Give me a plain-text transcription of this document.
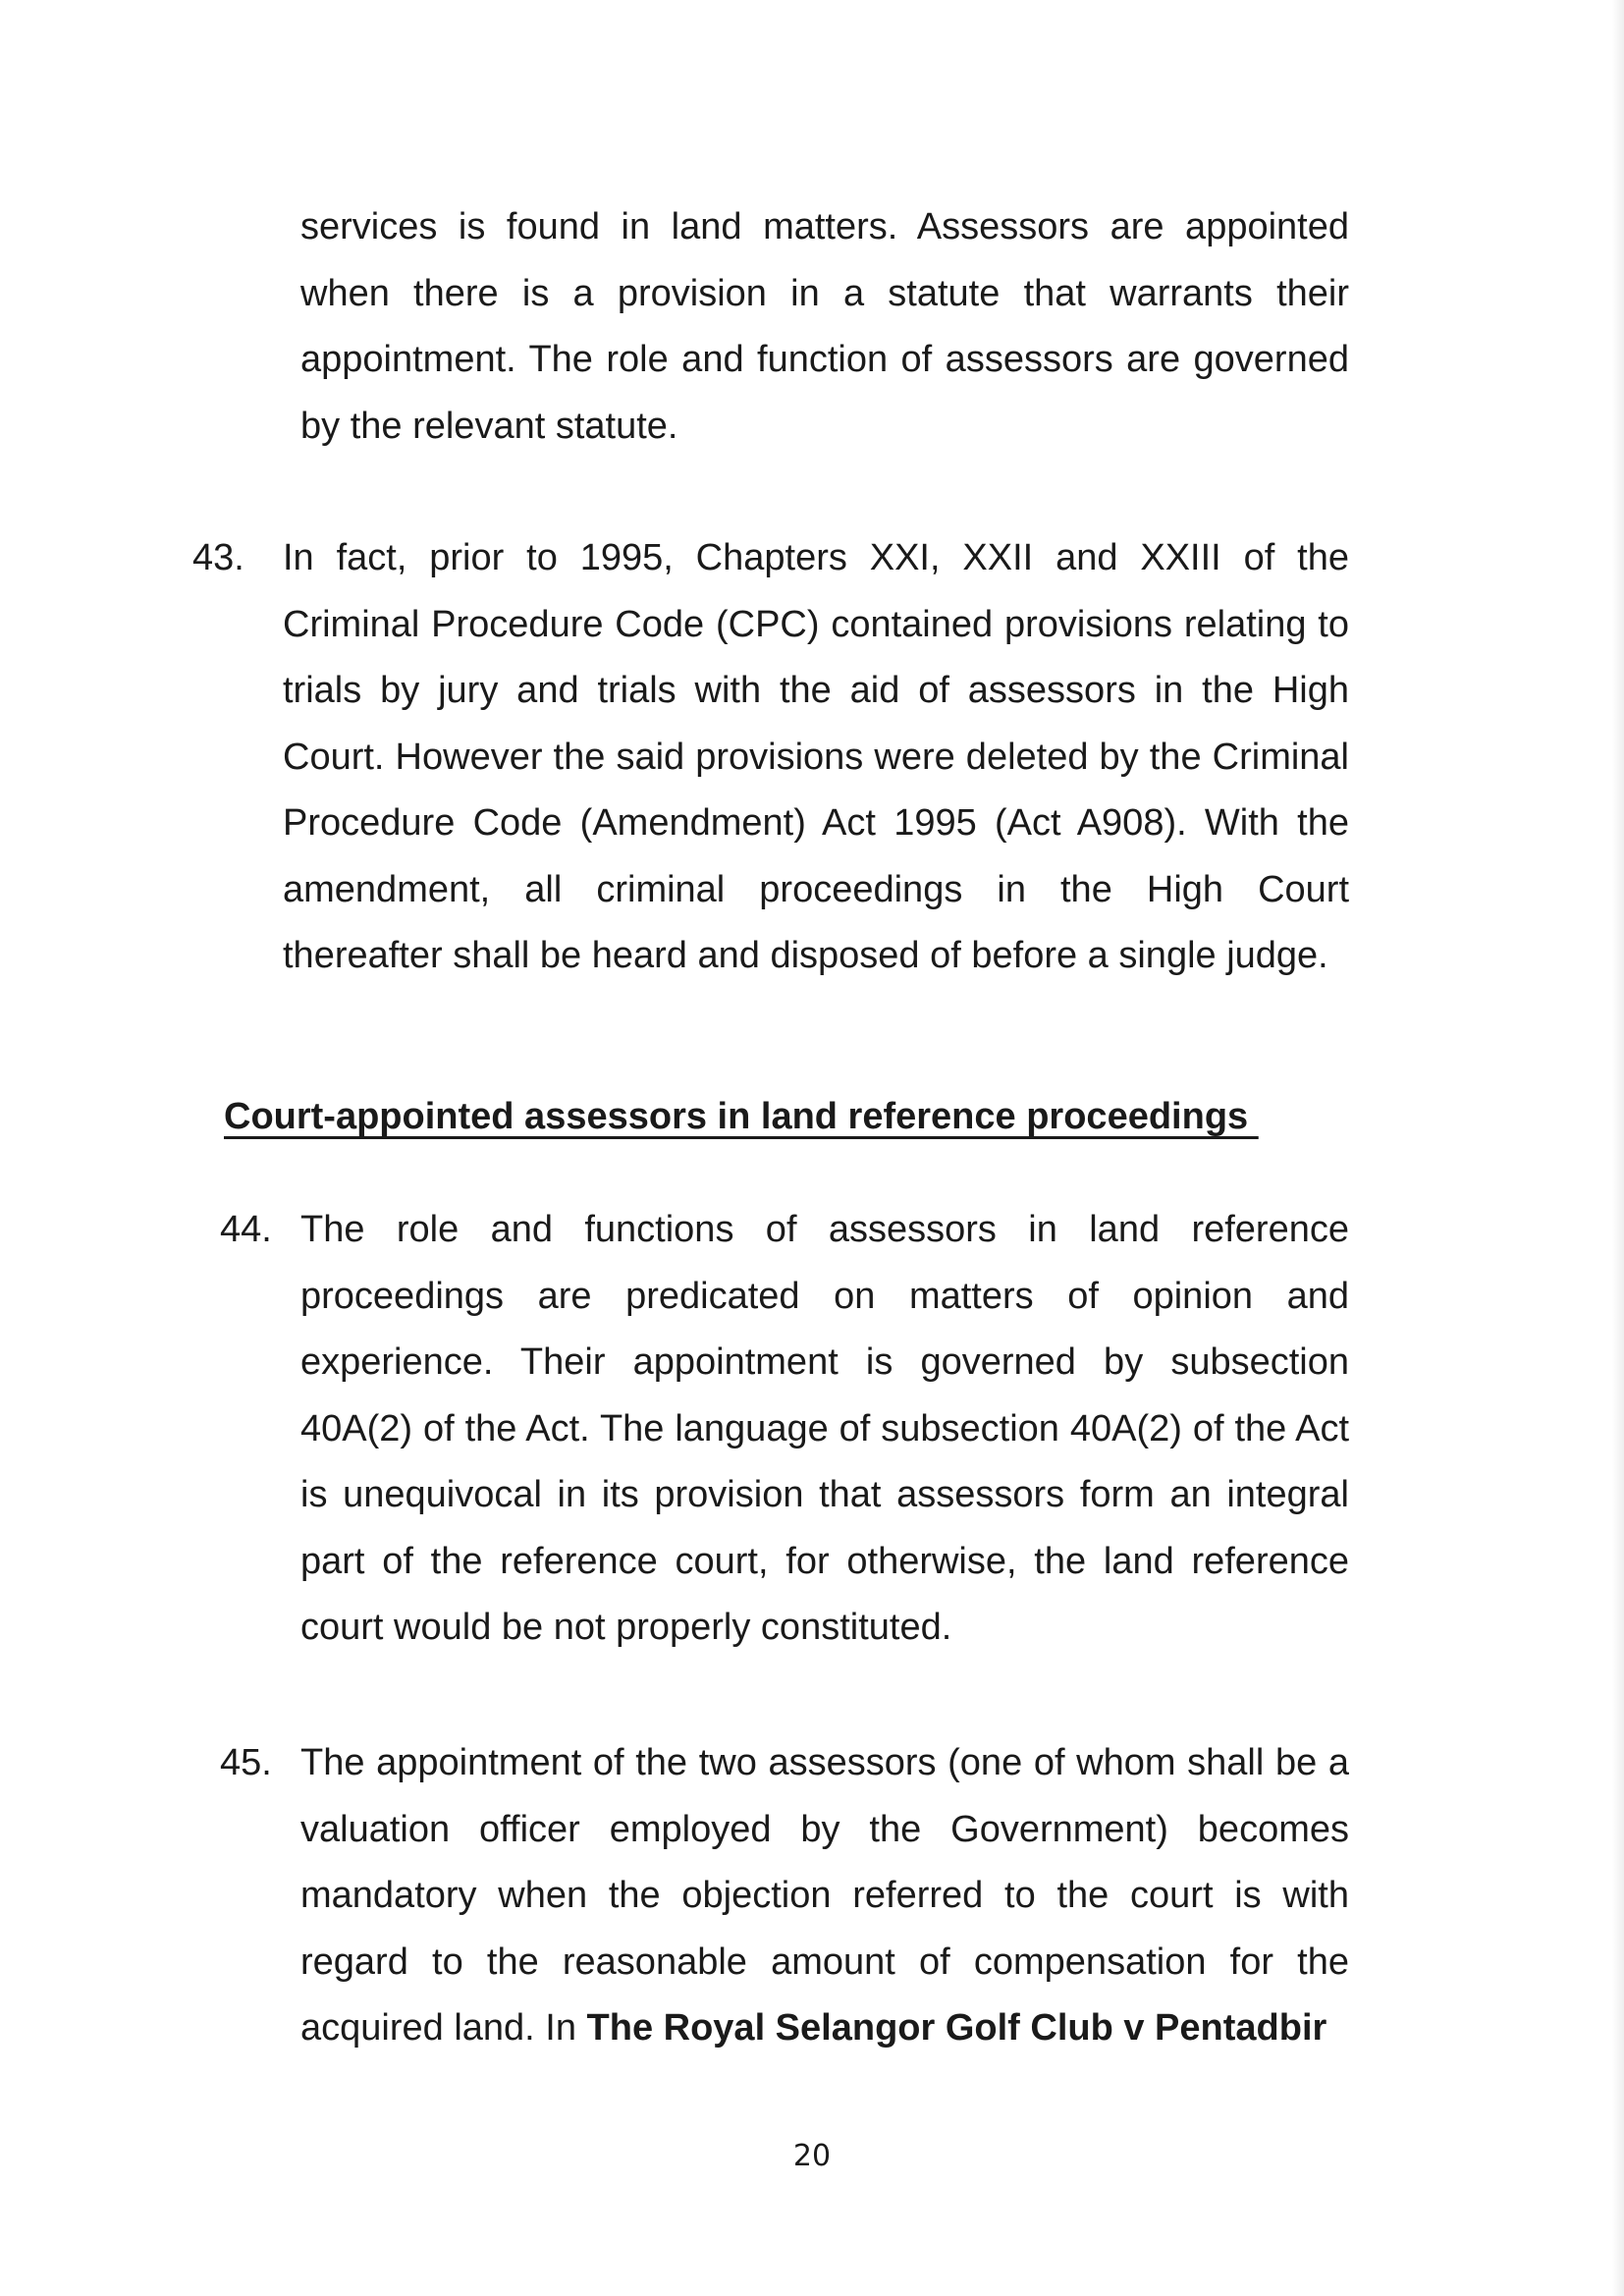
services is found in land matters. Assessors are appointed when there is a provision in a statute that warrants their appointment. The role and function of assessors are governed by the relevant statute.
43. In fact, prior to 1995, Chapters XXI, XXII and XXIII of the Criminal Procedure Code (CPC) contained provisions relating to trials by jury and trials with the aid of assessors in the High Court. However the said provisions were deleted by the Criminal Procedure Code (Amendment) Act 1995 (Act A908). With the amendment, all criminal proceedings in the High Court thereafter shall be heard and disposed of before a single judge.
Court-appointed assessors in land reference proceedings
44. The role and functions of assessors in land reference proceedings are predicated on matters of opinion and experience. Their appointment is governed by subsection 40A(2) of the Act. The language of subsection 40A(2) of the Act is unequivocal in its provision that assessors form an integral part of the reference court, for otherwise, the land reference court would be not properly constituted.
45. The appointment of the two assessors (one of whom shall be a valuation officer employed by the Government) becomes mandatory when the objection referred to the court is with regard to the reasonable amount of compensation for the acquired land. In The Royal Selangor Golf Club v Pentadbir
20
